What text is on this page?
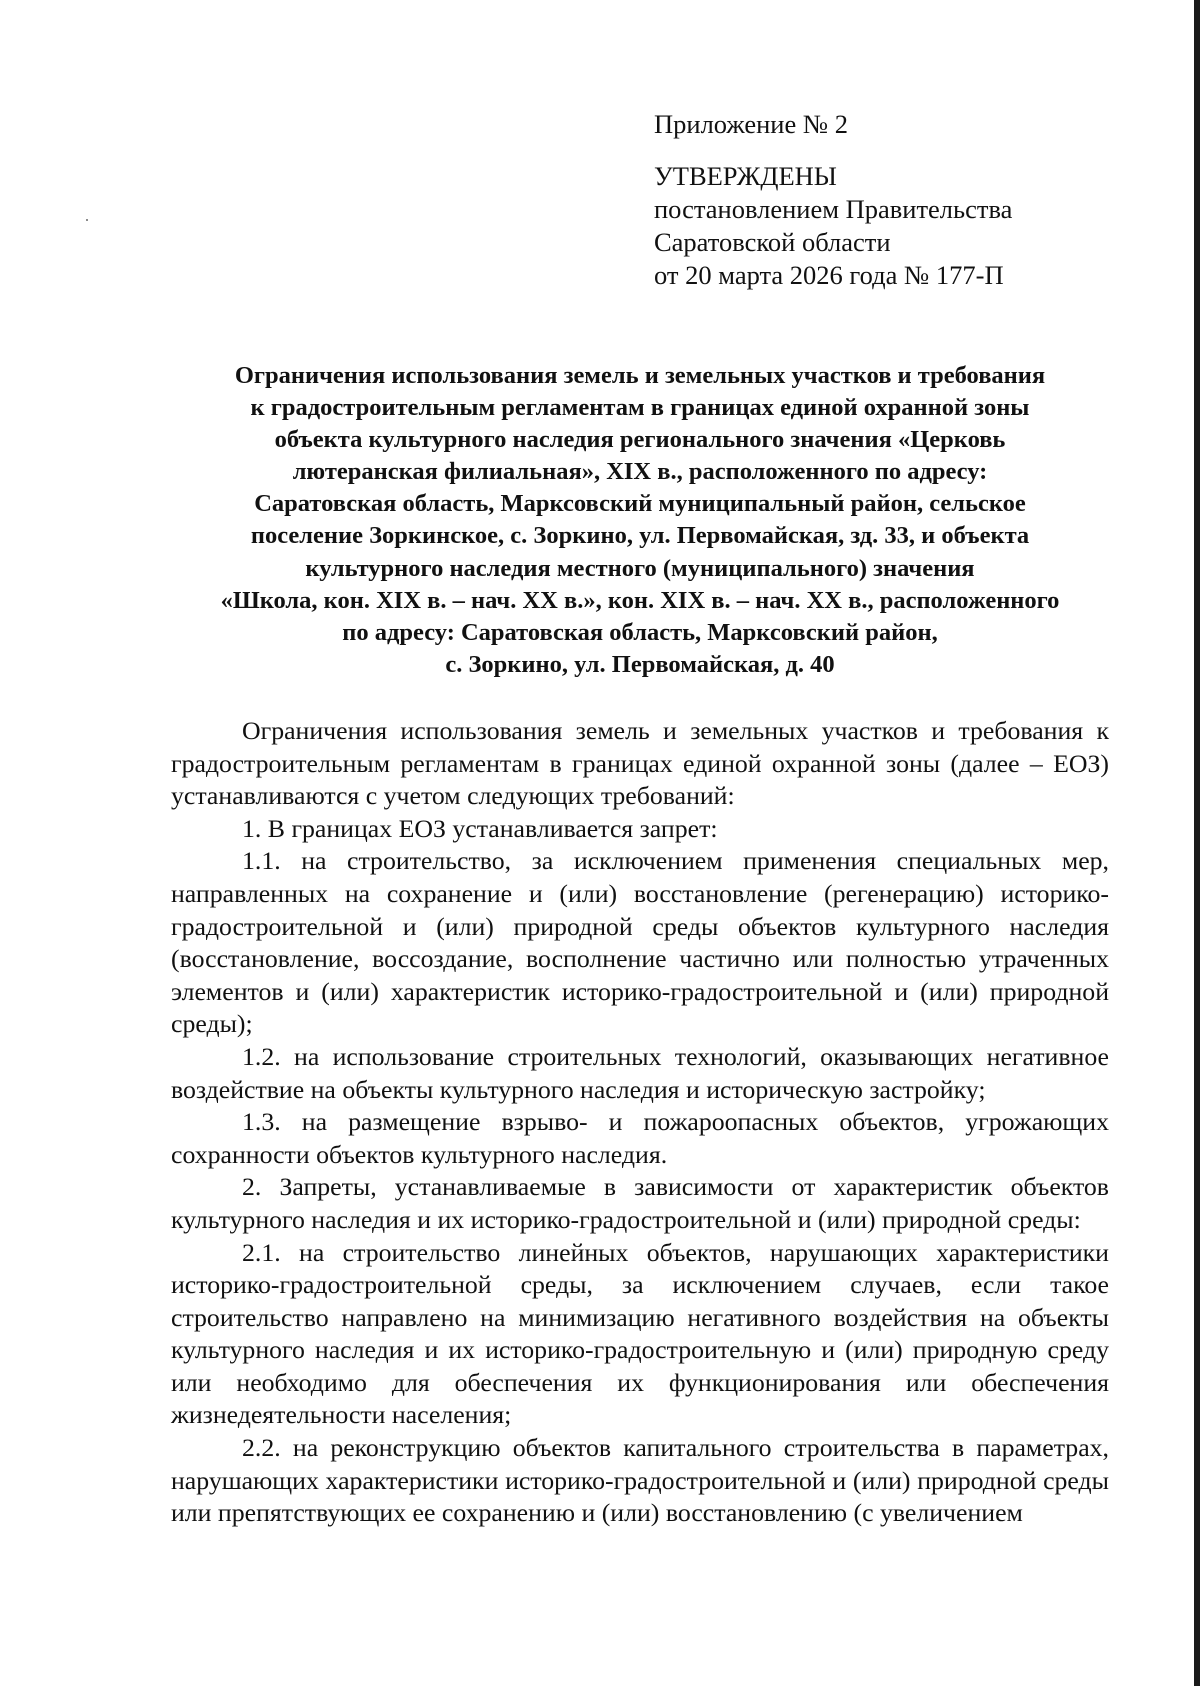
Приложение № 2
УТВЕРЖДЕНЫ
постановлением Правительства
Саратовской области
от 20 марта 2026 года № 177-П
Ограничения использования земель и земельных участков и требования
к градостроительным регламентам в границах единой охранной зоны
объекта культурного наследия регионального значения «Церковь
лютеранская филиальная», XIX в., расположенного по адресу:
Саратовская область, Марксовский муниципальный район, сельское
поселение Зоркинское, с. Зоркино, ул. Первомайская, зд. 33, и объекта
культурного наследия местного (муниципального) значения
«Школа, кон. XIX в. – нач. XX в.», кон. XIX в. – нач. XX в., расположенного
по адресу: Саратовская область, Марксовский район,
с. Зоркино, ул. Первомайская, д. 40

Ограничения использования земель и земельных участков и требования к градостроительным регламентам в границах единой охранной зоны (далее – ЕОЗ) устанавливаются с учетом следующих требований:

1. В границах ЕОЗ устанавливается запрет:

1.1. на строительство, за исключением применения специальных мер, направленных на сохранение и (или) восстановление (регенерацию) историко-градостроительной и (или) природной среды объектов культурного наследия (восстановление, воссоздание, восполнение частично или полностью утраченных элементов и (или) характеристик историко-градостроительной и (или) природной среды);

1.2. на использование строительных технологий, оказывающих негативное воздействие на объекты культурного наследия и историческую застройку;

1.3. на размещение взрыво- и пожароопасных объектов, угрожающих сохранности объектов культурного наследия.

2. Запреты, устанавливаемые в зависимости от характеристик объектов культурного наследия и их историко-градостроительной и (или) природной среды:

2.1. на строительство линейных объектов, нарушающих характеристики историко-градостроительной среды, за исключением случаев, если такое строительство направлено на минимизацию негативного воздействия на объекты культурного наследия и их историко-градостроительную и (или) природную среду или необходимо для обеспечения их функционирования или обеспечения жизнедеятельности населения;

2.2. на реконструкцию объектов капитального строительства в параметрах, нарушающих характеристики историко-градостроительной и (или) природной среды или препятствующих ее сохранению и (или) восстановлению (с увеличением
